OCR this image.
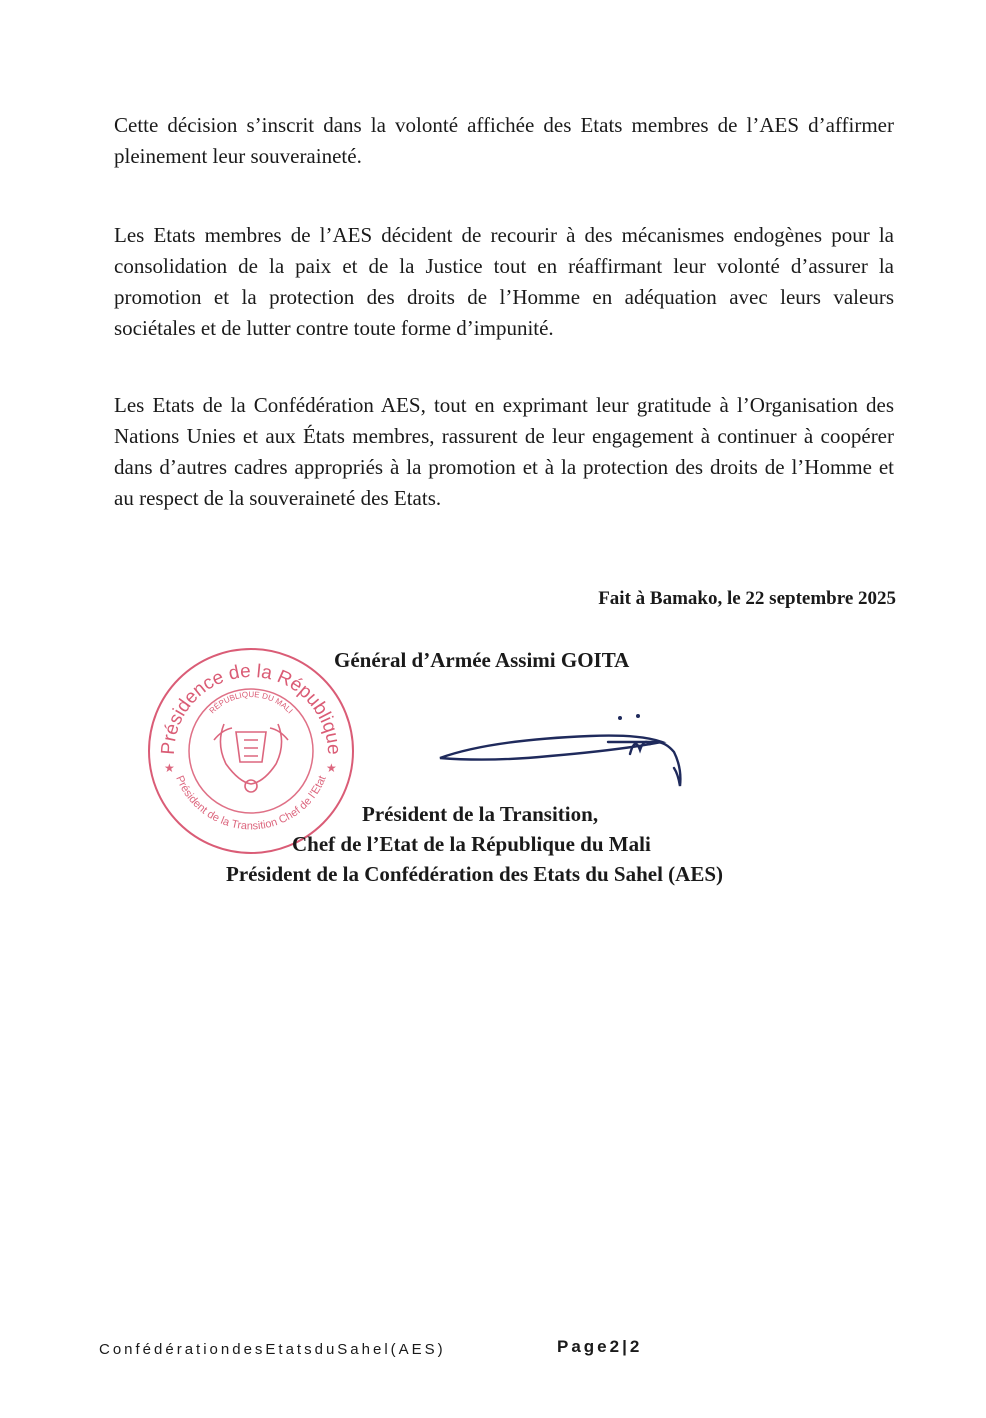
Cette décision s’inscrit dans la volonté affichée des Etats membres de l’AES d’affirmer pleinement leur souveraineté.

Les Etats membres de l’AES décident de recourir à des mécanismes endogènes pour la consolidation de la paix et de la Justice tout en réaffirmant leur volonté d’assurer la promotion et la protection des droits de l’Homme en adéquation avec leurs valeurs sociétales et de lutter contre toute forme d’impunité.

Les Etats de la Confédération AES, tout en exprimant leur gratitude à l’Organisation des Nations Unies et aux États membres, rassurent de leur engagement à continuer à coopérer dans d’autres cadres appropriés à la promotion et à la protection des droits de l’Homme et au respect de la souveraineté des Etats.

Fait à Bamako, le 22 septembre 2025

Général d’Armée Assimi GOITA

Présidence de la République
RÉPUBLIQUE DU MALI
Président de la Transition Chef de l’Etat
★	★

Président de la Transition,

Chef de l’Etat de la République du Mali

Président de la Confédération des Etats du Sahel (AES)

ConfédérationdesEtatsduSahel(AES)	Page2|2
